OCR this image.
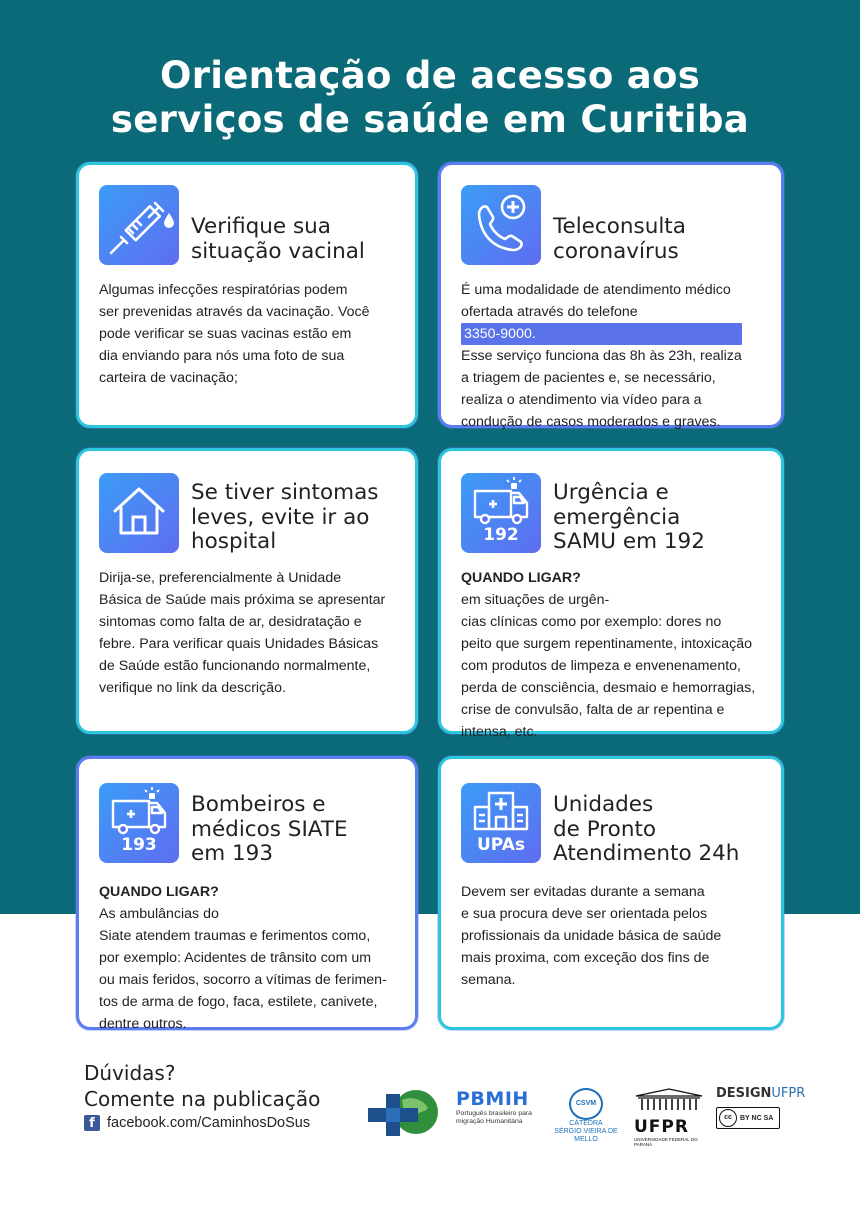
Orientação de acesso aos
serviços de saúde em Curitiba
Verifique sua
situação vacinal
Algumas infecções respiratórias podem
ser prevenidas através da vacinação. Você
pode verificar se suas vacinas estão em
dia enviando para nós uma foto de sua
carteira de vacinação;
Teleconsulta
coronavírus
É uma modalidade de atendimento médico
ofertada através do telefone
3350-9000.
Esse serviço funciona das 8h às 23h, realiza
a triagem de pacientes e, se necessário,
realiza o atendimento via vídeo para a
condução de casos moderados e graves.
Se tiver sintomas
leves, evite ir ao
hospital
Dirija-se, preferencialmente à Unidade
Básica de Saúde mais próxima se apresentar
sintomas como falta de ar, desidratação e
febre. Para verificar quais Unidades Básicas
de Saúde estão funcionando normalmente,
verifique no link da descrição.
192
Urgência e
emergência
SAMU em 192
QUANDO LIGAR?
em situações de urgên-
cias clínicas como por exemplo: dores no
peito que surgem repentinamente, intoxicação
com produtos de limpeza e envenenamento,
perda de consciência, desmaio e hemorragias,
crise de convulsão, falta de ar repentina e
intensa, etc.
193
Bombeiros e
médicos SIATE
em 193
QUANDO LIGAR?
As ambulâncias do
Siate atendem traumas e ferimentos como,
por exemplo: Acidentes de trânsito com um
ou mais feridos, socorro a vítimas de ferimen-
tos de arma de fogo, faca, estilete, canivete,
dentre outros.
UPAs
Unidades
de Pronto
Atendimento 24h
Devem ser evitadas durante a semana
e sua procura deve ser orientada pelos
profissionais da unidade básica de saúde
mais proxima, com exceção dos fins de
semana.
Dúvidas?
Comente na publicação
f facebook.com/CaminhosDoSus
PBMIH
Português brasileiro para
migração Humanitária
CSVM
CÁTEDRA
SÉRGIO VIEIRA DE MELLO
UFPR
UNIVERSIDADE FEDERAL DO PARANÁ
DESIGNUFPR
cc	BY NC SA
